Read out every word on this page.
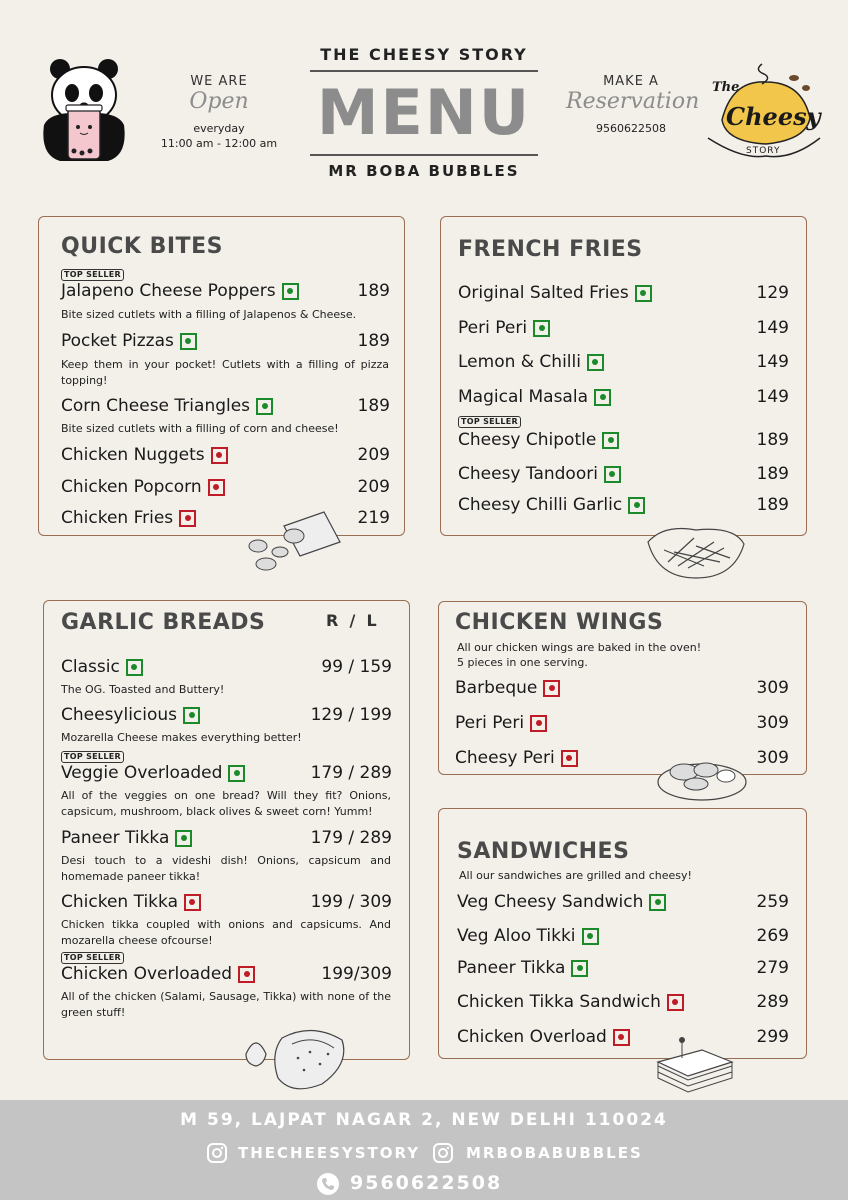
WE ARE
Open
everyday
11:00 am - 12:00 am
THE CHEESY STORY
MENU
MR BOBA BUBBLES
MAKE A
Reservation
9560622508
The
Cheesy
STORY
QUICK BITES
TOP SELLER
Jalapeno Cheese Poppers	189
Bite sized cutlets with a filling of Jalapenos & Cheese.
Pocket Pizzas	189
Keep them in your pocket! Cutlets with a filling of pizza topping!
Corn Cheese Triangles	189
Bite sized cutlets with a filling of corn and cheese!
Chicken Nuggets	209
Chicken Popcorn	209
Chicken Fries	219
FRENCH FRIES
Original Salted Fries	129
Peri Peri	149
Lemon & Chilli	149
Magical Masala	149
TOP SELLER
Cheesy Chipotle	189
Cheesy Tandoori	189
Cheesy Chilli Garlic	189
GARLIC BREADS	R  /  L
Classic	99 / 159
The OG. Toasted and Buttery!
Cheesylicious	129 / 199
Mozarella Cheese makes everything better!
TOP SELLER
Veggie Overloaded	179 / 289
All of the veggies on one bread? Will they fit? Onions, capsicum, mushroom, black olives & sweet corn! Yumm!
Paneer Tikka	179 / 289
Desi touch to a videshi dish! Onions, capsicum and homemade paneer tikka!
Chicken Tikka	199 / 309
Chicken tikka coupled with onions and capsicums. And mozarella cheese ofcourse!
TOP SELLER
Chicken Overloaded	199/309
All of the chicken (Salami, Sausage, Tikka) with none of the green stuff!
CHICKEN WINGS
All our chicken wings are baked in the oven!
5 pieces in one serving.
Barbeque	309
Peri Peri	309
Cheesy Peri	309
SANDWICHES
All our sandwiches are grilled and cheesy!
Veg Cheesy Sandwich	259
Veg Aloo Tikki	269
Paneer Tikka	279
Chicken Tikka Sandwich	289
Chicken Overload	299
M 59, LAJPAT NAGAR 2, NEW DELHI 110024
THECHEESYSTORY	MRBOBABUBBLES
9560622508
